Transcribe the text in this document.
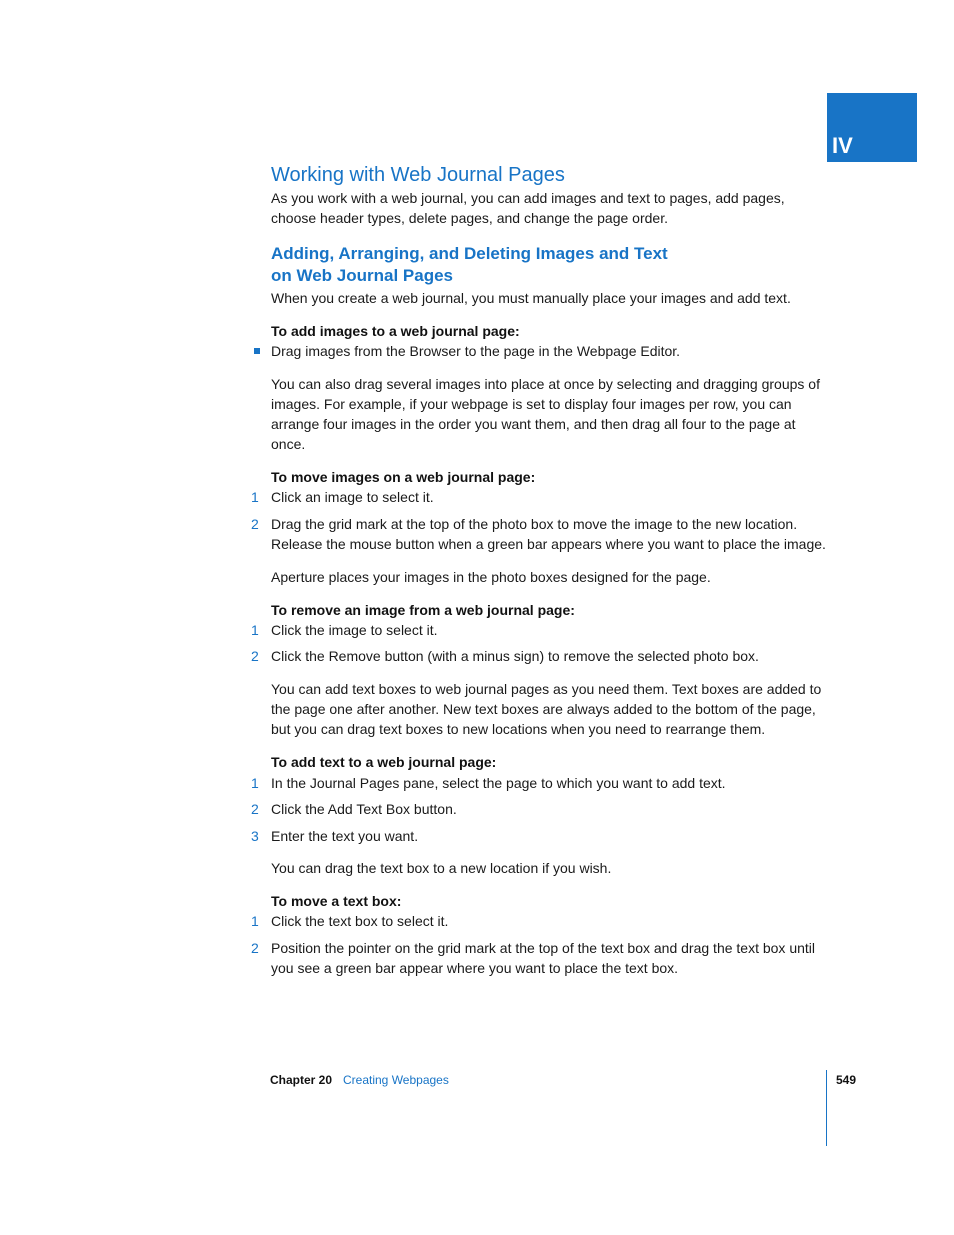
IV
Working with Web Journal Pages

As you work with a web journal, you can add images and text to pages, add pages, choose header types, delete pages, and change the page order.

Adding, Arranging, and Deleting Images and Text
on Web Journal Pages

When you create a web journal, you must manually place your images and add text.

To add images to a web journal page:

Drag images from the Browser to the page in the Webpage Editor.

You can also drag several images into place at once by selecting and dragging groups of images. For example, if your webpage is set to display four images per row, you can arrange four images in the order you want them, and then drag all four to the page at once.

To move images on a web journal page:

1 Click an image to select it.

2 Drag the grid mark at the top of the photo box to move the image to the new location. Release the mouse button when a green bar appears where you want to place the image.

Aperture places your images in the photo boxes designed for the page.

To remove an image from a web journal page:

1 Click the image to select it.

2 Click the Remove button (with a minus sign) to remove the selected photo box.

You can add text boxes to web journal pages as you need them. Text boxes are added to the page one after another. New text boxes are always added to the bottom of the page, but you can drag text boxes to new locations when you need to rearrange them.

To add text to a web journal page:

1 In the Journal Pages pane, select the page to which you want to add text.

2 Click the Add Text Box button.

3 Enter the text you want.

You can drag the text box to a new location if you wish.

To move a text box:

1 Click the text box to select it.

2 Position the pointer on the grid mark at the top of the text box and drag the text box until you see a green bar appear where you want to place the text box.

Chapter 20 Creating Webpages	549
